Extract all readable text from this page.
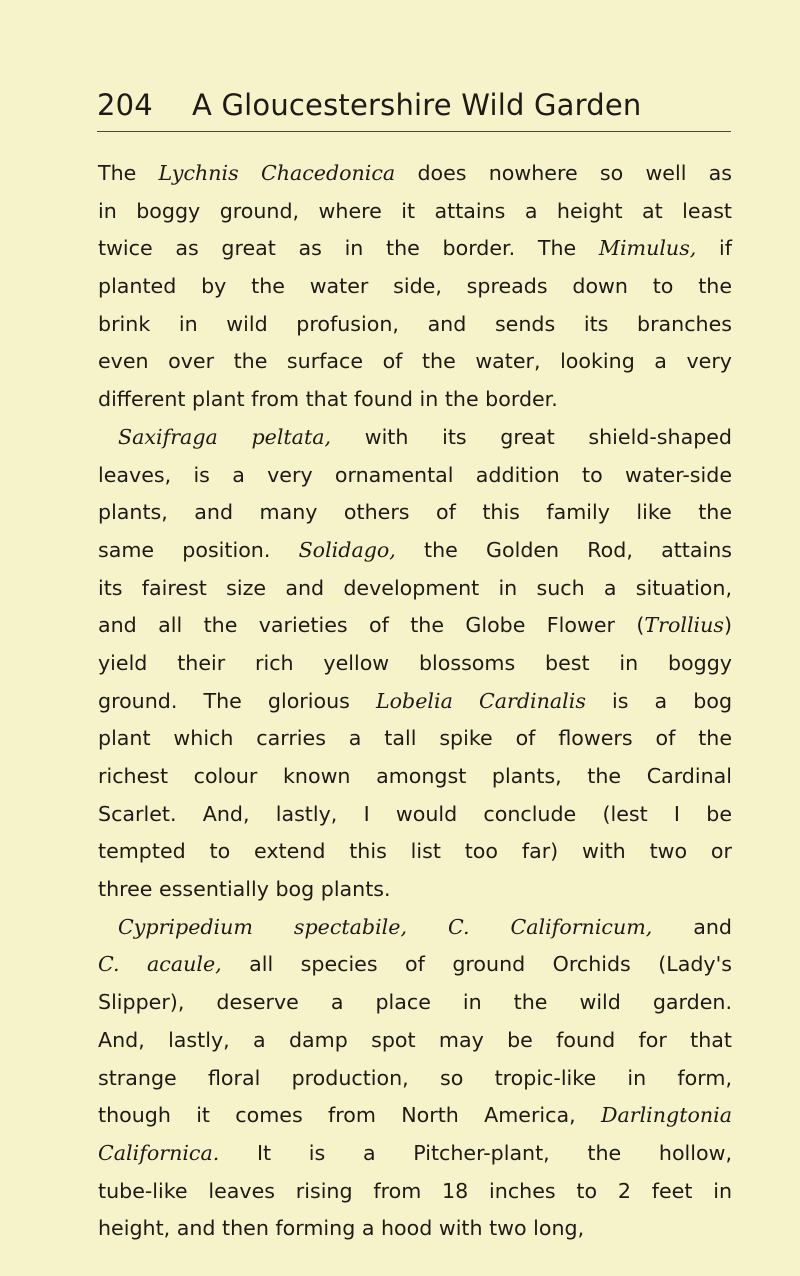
204 A Gloucestershire Wild Garden
The Lychnis Chacedonica does nowhere so well as
in boggy ground, where it attains a height at least
twice as great as in the border. The Mimulus, if
planted by the water side, spreads down to the
brink in wild profusion, and sends its branches
even over the surface of the water, looking a very
different plant from that found in the border.
Saxifraga peltata, with its great shield-shaped
leaves, is a very ornamental addition to water-side
plants, and many others of this family like the
same position. Solidago, the Golden Rod, attains
its fairest size and development in such a situation,
and all the varieties of the Globe Flower (Trollius)
yield their rich yellow blossoms best in boggy
ground. The glorious Lobelia Cardinalis is a bog
plant which carries a tall spike of flowers of the
richest colour known amongst plants, the Cardinal
Scarlet. And, lastly, I would conclude (lest I be
tempted to extend this list too far) with two or
three essentially bog plants.
Cypripedium spectabile, C. Californicum, and
C. acaule, all species of ground Orchids (Lady's
Slipper), deserve a place in the wild garden.
And, lastly, a damp spot may be found for that
strange floral production, so tropic-like in form,
though it comes from North America, Darlingtonia
Californica. It is a Pitcher-plant, the hollow,
tube-like leaves rising from 18 inches to 2 feet in
height, and then forming a hood with two long,
